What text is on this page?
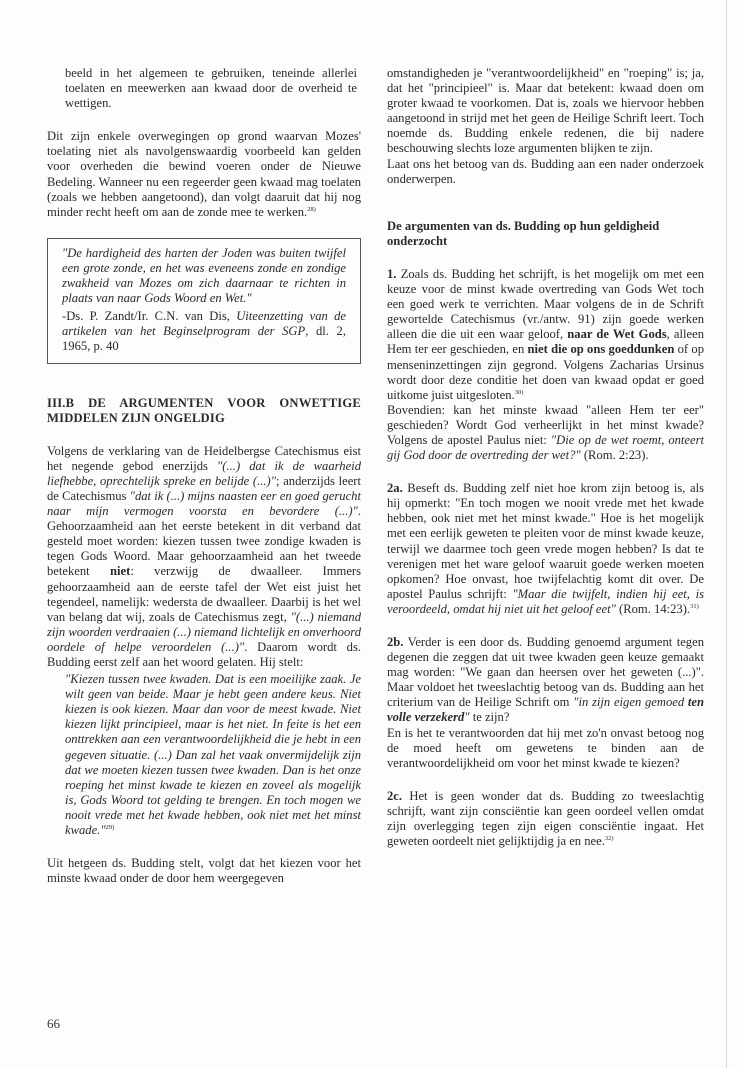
beeld in het algemeen te gebruiken, teneinde allerlei toelaten en meewerken aan kwaad door de overheid te wettigen.

Dit zijn enkele overwegingen op grond waarvan Mozes' toelating niet als navolgenswaardig voorbeeld kan gelden voor overheden die bewind voeren onder de Nieuwe Bedeling. Wanneer nu een regeerder geen kwaad mag toelaten (zoals we hebben aangetoond), dan volgt daaruit dat hij nog minder recht heeft om aan de zonde mee te werken.$^{28)}$

"De hardigheid des harten der Joden was buiten twijfel een grote zonde, en het was eveneens zonde en zondige zwakheid van Mozes om zich daarnaar te richten in plaats van naar Gods Woord en Wet."

-Ds. P. Zandt/Ir. C.N. van Dis, Uiteenzetting van de artikelen van het Beginselprogram der SGP, dl. 2, 1965, p. 40

III.B DE ARGUMENTEN VOOR ONWETTIGE MIDDELEN ZIJN ONGELDIG

Volgens de verklaring van de Heidelbergse Catechismus eist het negende gebod enerzijds "(...) dat ik de waarheid liefhebbe, oprechtelijk spreke en belijde (...)"; anderzijds leert de Catechismus "dat ik (...) mijns naasten eer en goed gerucht naar mijn vermogen voorsta en bevordere (...)". Gehoorzaamheid aan het eerste betekent in dit verband dat gesteld moet worden: kiezen tussen twee zondige kwaden is tegen Gods Woord. Maar gehoorzaamheid aan het tweede betekent niet: verzwijg de dwaalleer. Immers gehoorzaamheid aan de eerste tafel der Wet eist juist het tegendeel, namelijk: wedersta de dwaalleer. Daarbij is het wel van belang dat wij, zoals de Catechismus zegt, "(...) niemand zijn woorden verdraaien (...) niemand lichtelijk en onverhoord oordele of helpe veroordelen (...)". Daarom wordt ds. Budding eerst zelf aan het woord gelaten. Hij stelt:

"Kiezen tussen twee kwaden. Dat is een moeilijke zaak. Je wilt geen van beide. Maar je hebt geen andere keus. Niet kiezen is ook kiezen. Maar dan voor de meest kwade. Niet kiezen lijkt principieel, maar is het niet. In feite is het een onttrekken aan een verantwoordelijkheid die je hebt in een gegeven situatie. (...) Dan zal het vaak onvermijdelijk zijn dat we moeten kiezen tussen twee kwaden. Dan is het onze roeping het minst kwade te kiezen en zoveel als mogelijk is, Gods Woord tot gelding te brengen. En toch mogen we nooit vrede met het kwade hebben, ook niet met het minst kwade."$^{29)}$

Uit hetgeen ds. Budding stelt, volgt dat het kiezen voor het minste kwaad onder de door hem weergegeven

omstandigheden je "verantwoordelijkheid" en "roeping" is; ja, dat het "principieel" is. Maar dat betekent: kwaad doen om groter kwaad te voorkomen. Dat is, zoals we hiervoor hebben aangetoond in strijd met het geen de Heilige Schrift leert. Toch noemde ds. Budding enkele redenen, die bij nadere beschouwing slechts loze argumenten blijken te zijn.

Laat ons het betoog van ds. Budding aan een nader onderzoek onderwerpen.

De argumenten van ds. Budding op hun geldigheid onderzocht

1. Zoals ds. Budding het schrijft, is het mogelijk om met een keuze voor de minst kwade overtreding van Gods Wet toch een goed werk te verrichten. Maar volgens de in de Schrift gewortelde Catechismus (vr./antw. 91) zijn goede werken alleen die die uit een waar geloof, naar de Wet Gods, alleen Hem ter eer geschieden, en niet die op ons goeddunken of op menseninzettingen zijn gegrond. Volgens Zacharias Ursinus wordt door deze conditie het doen van kwaad opdat er goed uitkome juist uitgesloten.$^{30)}$

Bovendien: kan het minste kwaad "alleen Hem ter eer" geschieden? Wordt God verheerlijkt in het minst kwade? Volgens de apostel Paulus niet: "Die op de wet roemt, onteert gij God door de overtreding der wet?" (Rom. 2:23).

2a. Beseft ds. Budding zelf niet hoe krom zijn betoog is, als hij opmerkt: "En toch mogen we nooit vrede met het kwade hebben, ook niet met het minst kwade." Hoe is het mogelijk met een eerlijk geweten te pleiten voor de minst kwade keuze, terwijl we daarmee toch geen vrede mogen hebben? Is dat te verenigen met het ware geloof waaruit goede werken moeten opkomen? Hoe onvast, hoe twijfelachtig komt dit over. De apostel Paulus schrijft: "Maar die twijfelt, indien hij eet, is veroordeeld, omdat hij niet uit het geloof eet" (Rom. 14:23).$^{31)}$

2b. Verder is een door ds. Budding genoemd argument tegen degenen die zeggen dat uit twee kwaden geen keuze gemaakt mag worden: "We gaan dan heersen over het geweten (...)". Maar voldoet het tweeslachtig betoog van ds. Budding aan het criterium van de Heilige Schrift om "in zijn eigen gemoed ten volle verzekerd" te zijn?

En is het te verantwoorden dat hij met zo'n onvast betoog nog de moed heeft om gewetens te binden aan de verantwoordelijkheid om voor het minst kwade te kiezen?

2c. Het is geen wonder dat ds. Budding zo tweeslachtig schrijft, want zijn consciëntie kan geen oordeel vellen omdat zijn overlegging tegen zijn eigen consciëntie ingaat. Het geweten oordeelt niet gelijktijdig ja en nee.$^{32)}$

66
